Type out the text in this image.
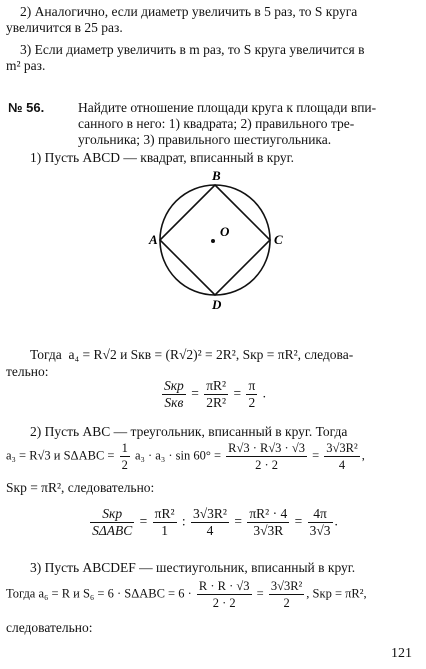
2) Аналогично, если диаметр увеличить в 5 раз, то S круга
увеличится в 25 раз.
3) Если диаметр увеличить в m раз, то S круга увеличится в
m² раз.
№ 56.	Найдите отношение площади круга к площади впи-
санного в него: 1) квадрата; 2) правильного тре-
угольника; 3) правильного шестиугольника.
1) Пусть ABCD — квадрат, вписанный в круг.
B
A	C
D
O
Тогда a₄ = R√2 и Sкв = (R√2)² = 2R², Sкр = πR², следова-
тельно:
$\frac{\text{Sкр}}{\text{Sкв}} = \frac{\text{πR²}}{\text{2R²}} = \frac{\pi}{2}$ .
2) Пусть ABC — треугольник, вписанный в круг. Тогда
a₃ = R√3 и $S\Delta ABC = \frac{1}{2} a_3 \cdot a_3 \cdot \sin 60^\circ = \frac{R√3 \cdot R√3 \cdot √3}{2 \cdot 2} = \frac{\text{3√3R²}}{4}$ ,
Sкр = πR², следовательно:
$\frac{\text{Sкр}}{\text{SΔABC}} = \frac{\text{πR²}}{1}$ : $\frac{\text{3√3R²}}{4} = \frac{\text{πR² · 4}}{3√3R} = \frac{4\pi}{3√3}$ .
3) Пусть ABCDEF — шестиугольник, вписанный в круг.
Тогда a₆ = R и $S_6 = 6 \cdot S\Delta ABC = 6 \cdot \frac{R \cdot R \cdot √3}{2 \cdot 2} = \frac{\text{3√3R²}}{2}$ , Sкр = πR²,
следовательно:
121
